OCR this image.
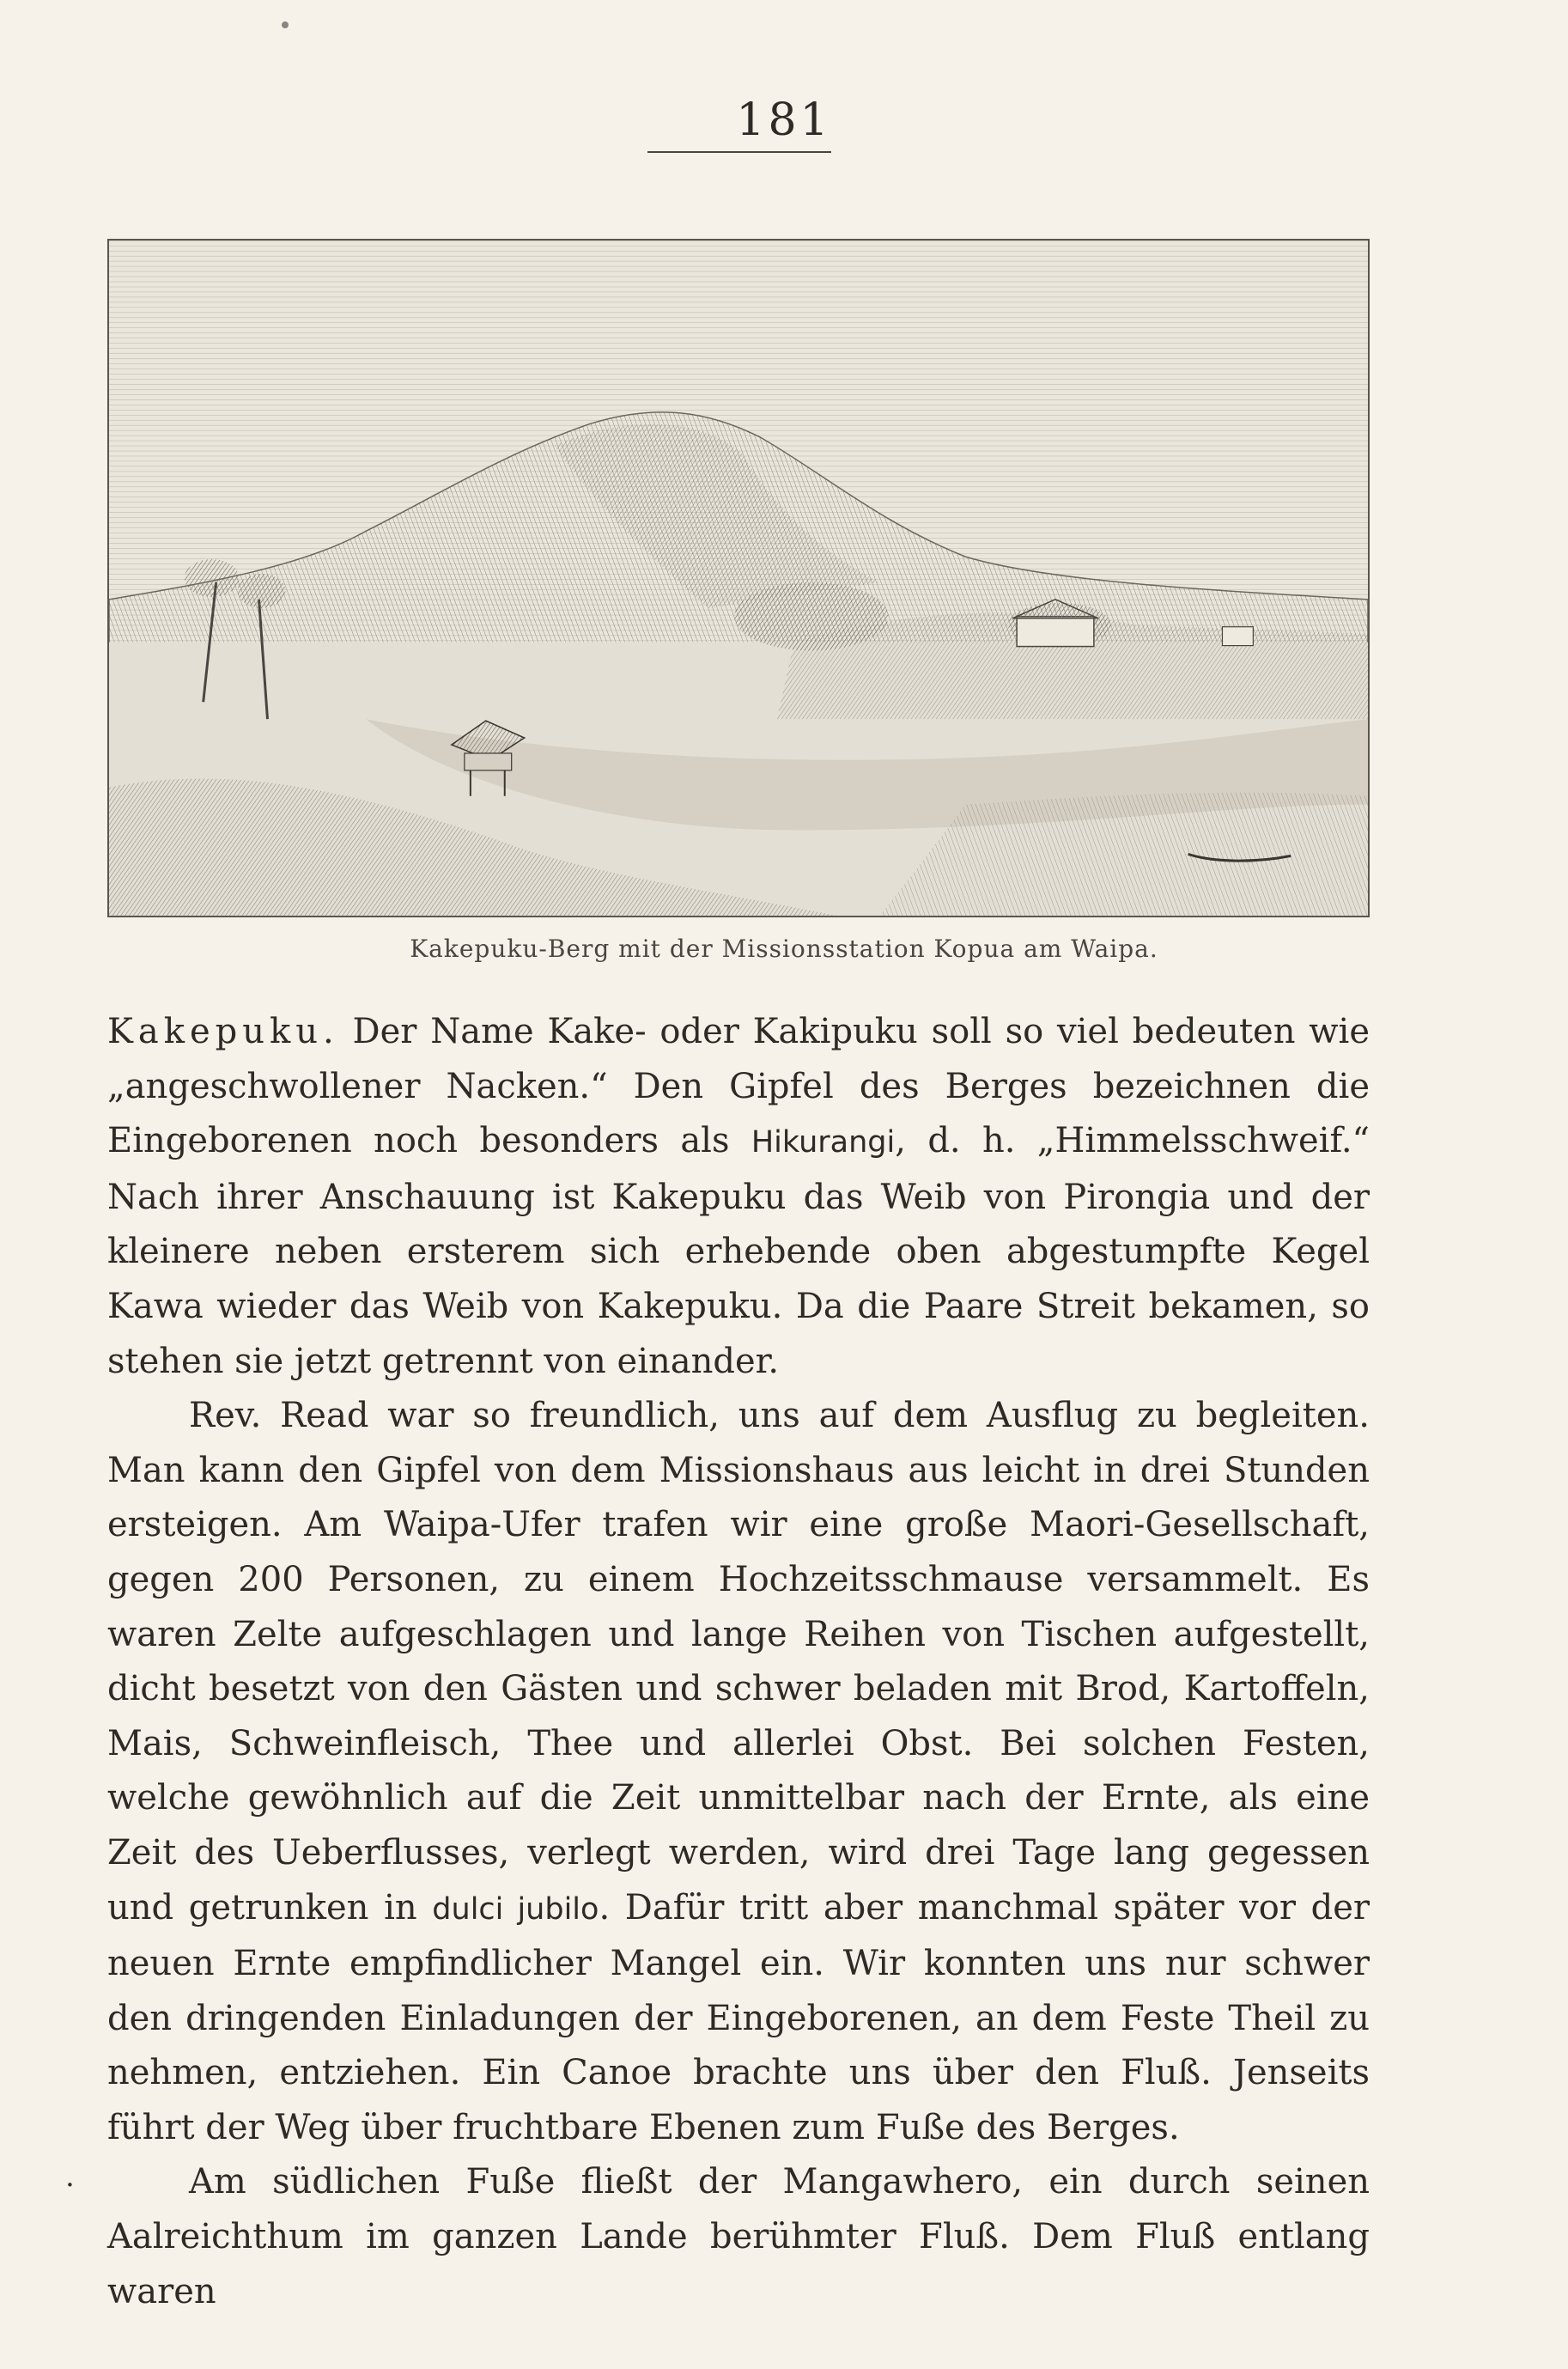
181
Kakepuku-Berg mit der Missionsstation Kopua am Waipa.

Kakepuku. Der Name Kake- oder Kakipuku soll so viel bedeuten wie „angeschwollener Nacken.“ Den Gipfel des Berges bezeichnen die Eingeborenen noch besonders als Hikurangi, d. h. „Himmelsschweif.“ Nach ihrer Anschauung ist Kakepuku das Weib von Pirongia und der kleinere neben ersterem sich erhebende oben abgestumpfte Kegel Kawa wieder das Weib von Kakepuku. Da die Paare Streit bekamen, so stehen sie jetzt getrennt von einander.

Rev. Read war so freundlich, uns auf dem Ausflug zu begleiten. Man kann den Gipfel von dem Missionshaus aus leicht in drei Stunden ersteigen. Am Waipa-Ufer trafen wir eine große Maori-Gesellschaft, gegen 200 Personen, zu einem Hochzeitsschmause versammelt. Es waren Zelte aufgeschlagen und lange Reihen von Tischen aufgestellt, dicht besetzt von den Gästen und schwer beladen mit Brod, Kartoffeln, Mais, Schweinfleisch, Thee und allerlei Obst. Bei solchen Festen, welche gewöhnlich auf die Zeit unmittelbar nach der Ernte, als eine Zeit des Ueberflusses, verlegt werden, wird drei Tage lang gegessen und getrunken in dulci jubilo. Dafür tritt aber manchmal später vor der neuen Ernte empfindlicher Mangel ein. Wir konnten uns nur schwer den dringenden Einladungen der Eingeborenen, an dem Feste Theil zu nehmen, entziehen. Ein Canoe brachte uns über den Fluß. Jenseits führt der Weg über fruchtbare Ebenen zum Fuße des Berges.

Am südlichen Fuße fließt der Mangawhero, ein durch seinen Aalreichthum im ganzen Lande berühmter Fluß. Dem Fluß entlang waren

.
